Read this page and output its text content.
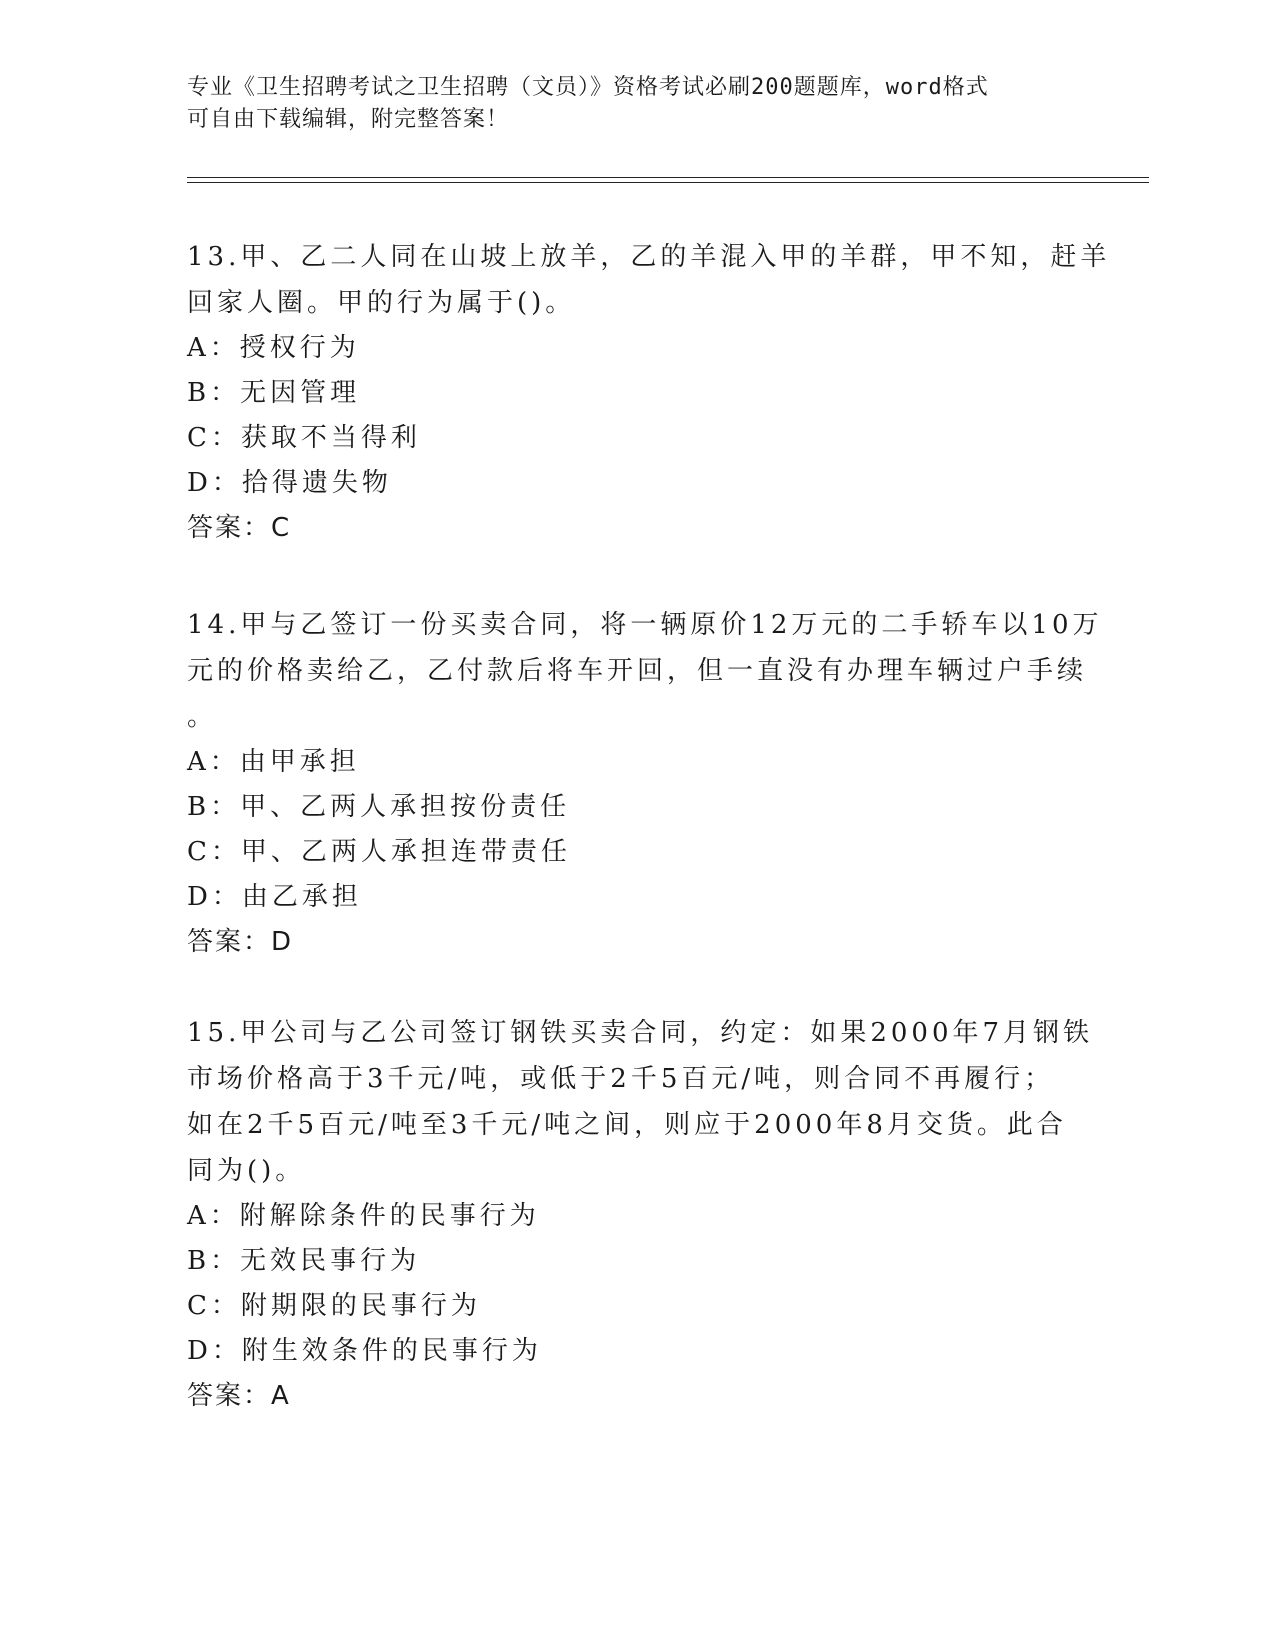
专业《卫生招聘考试之卫生招聘（文员）》资格考试必刷200题题库，word格式
可自由下载编辑，附完整答案！
13.甲、乙二人同在山坡上放羊，乙的羊混入甲的羊群，甲不知，赶羊
回家人圈。甲的行为属于()。
A：授权行为
B：无因管理
C：获取不当得利
D：拾得遗失物
答案：C
14.甲与乙签订一份买卖合同，将一辆原价12万元的二手轿车以10万
元的价格卖给乙，乙付款后将车开回，但一直没有办理车辆过户手续
。
A：由甲承担
B：甲、乙两人承担按份责任
C：甲、乙两人承担连带责任
D：由乙承担
答案：D
15.甲公司与乙公司签订钢铁买卖合同，约定：如果2000年7月钢铁
市场价格高于3千元/吨，或低于2千5百元/吨，则合同不再履行；
如在2千5百元/吨至3千元/吨之间，则应于2000年8月交货。此合
同为()。
A：附解除条件的民事行为
B：无效民事行为
C：附期限的民事行为
D：附生效条件的民事行为
答案：A
